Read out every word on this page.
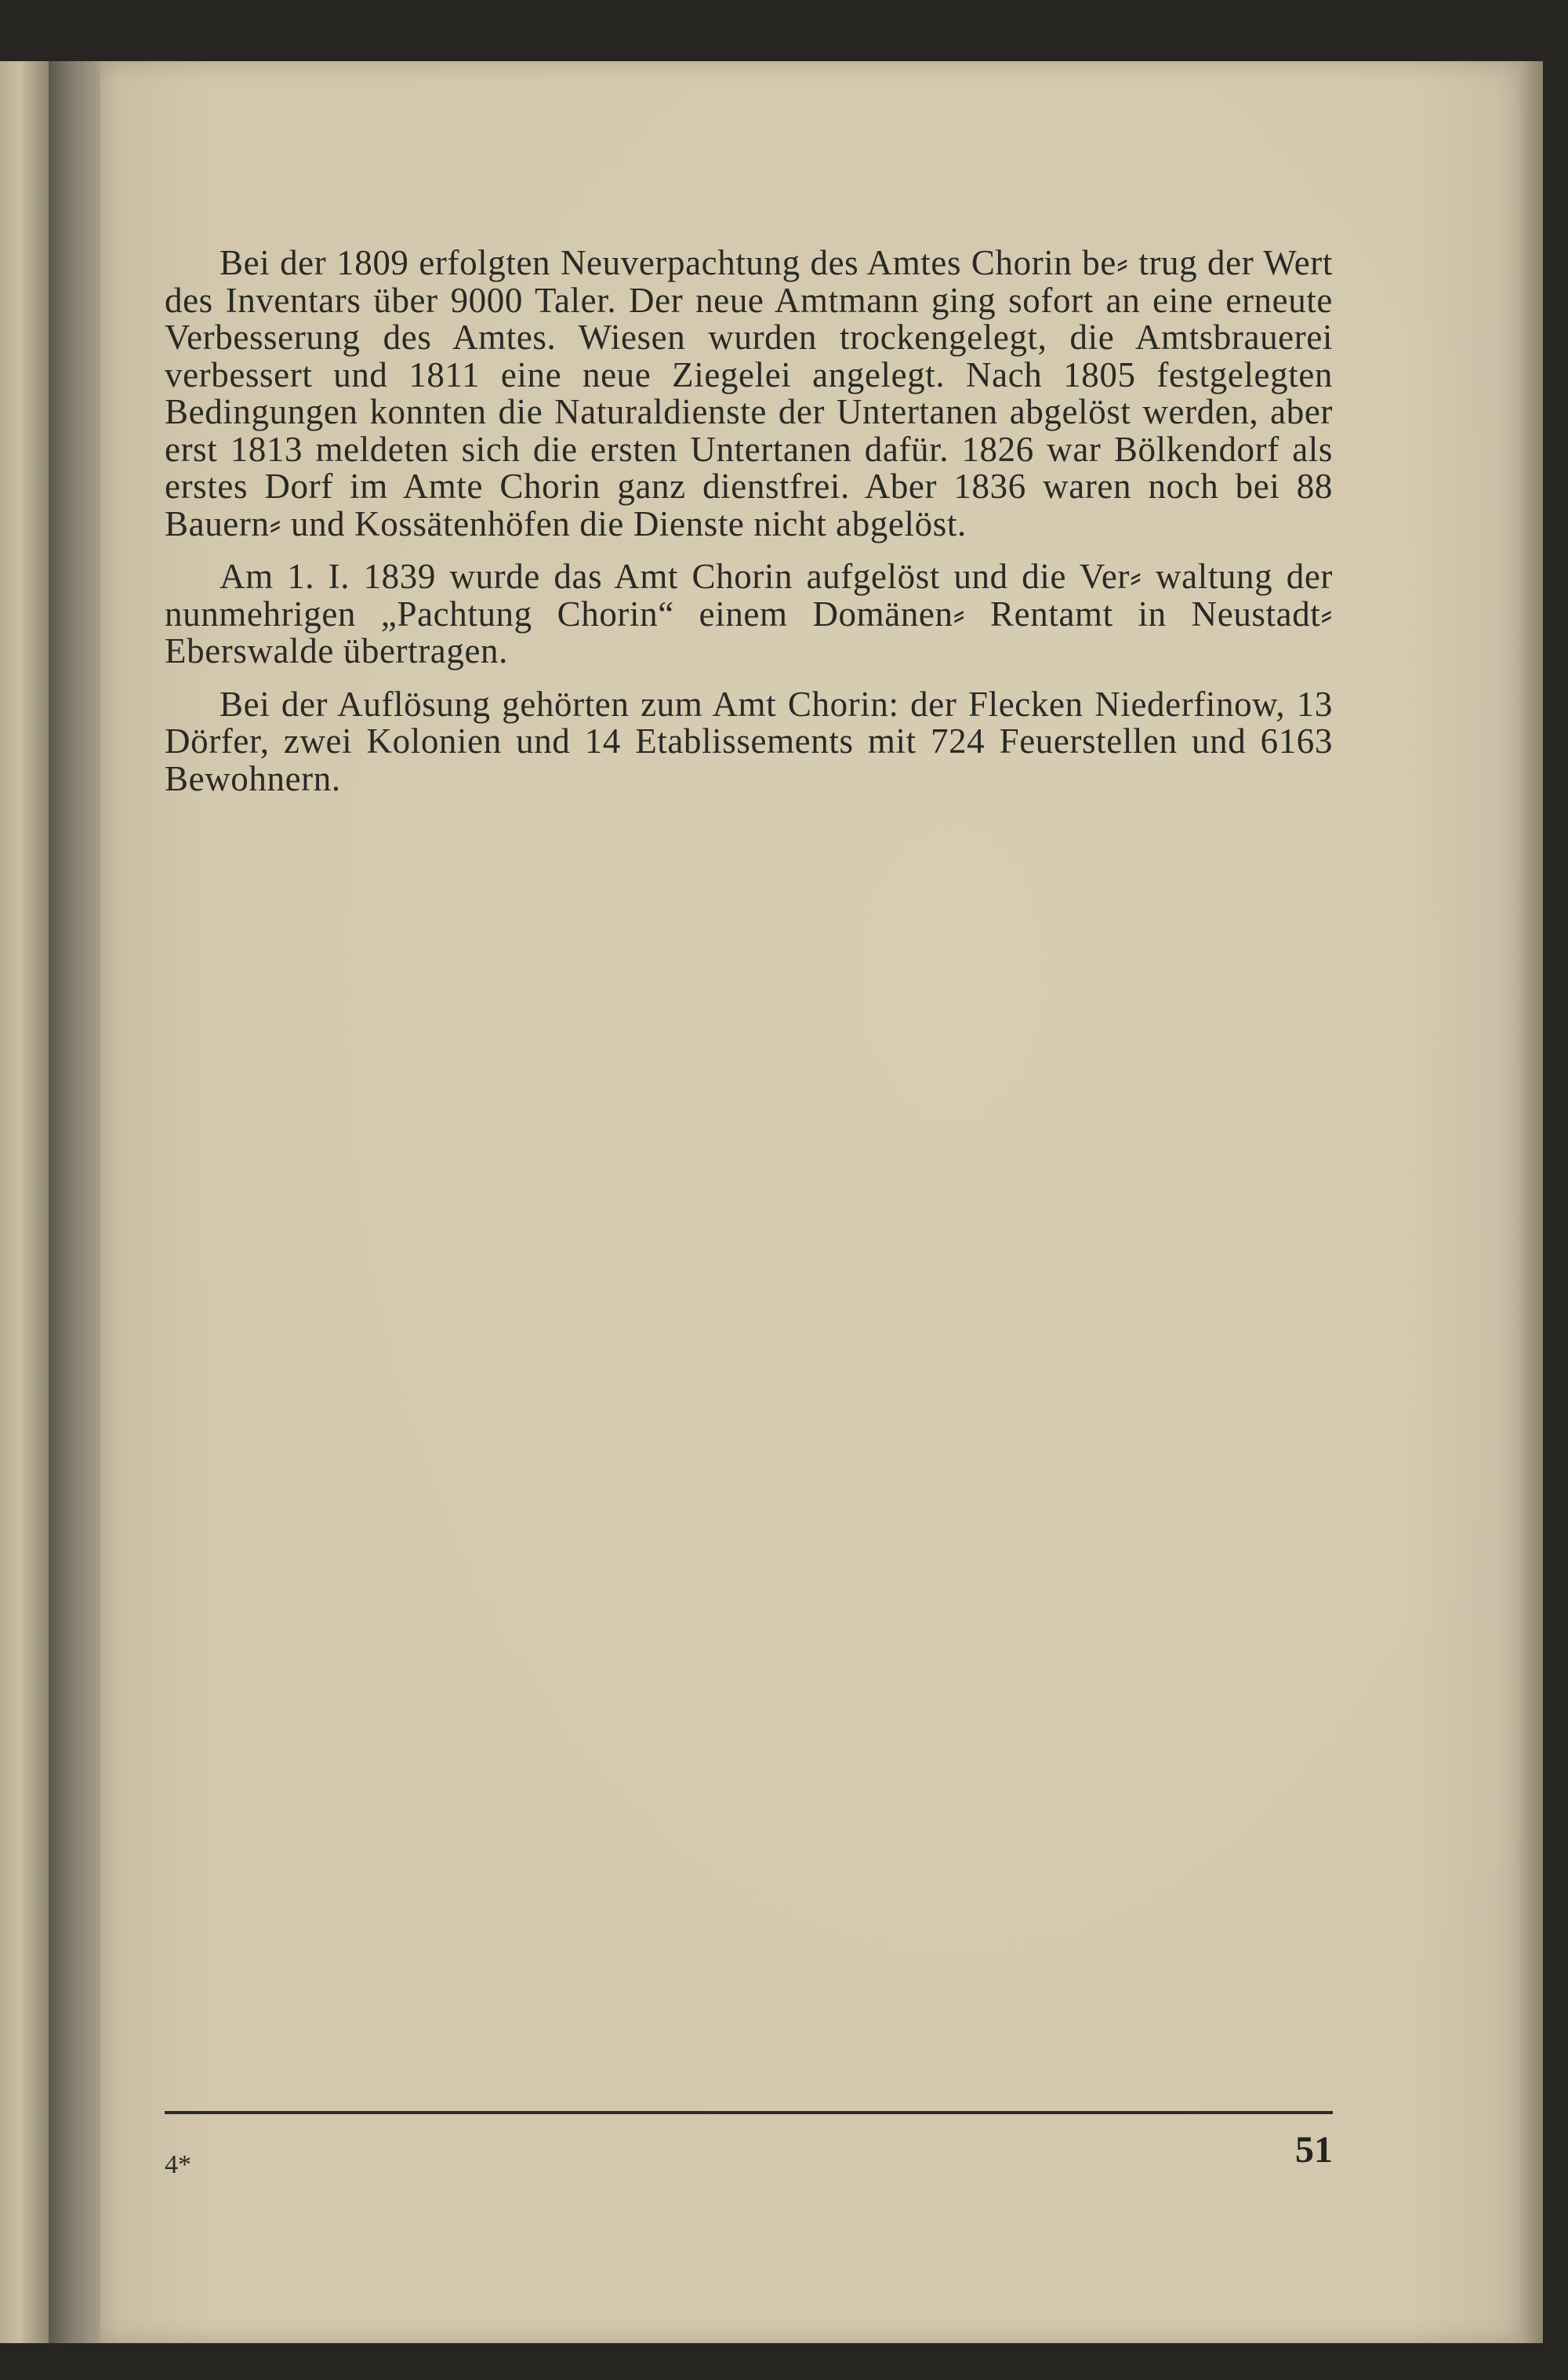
Bei der 1809 erfolgten Neuverpachtung des Amtes Chorin be⸗ trug der Wert des Inventars über 9000 Taler. Der neue Amtmann ging sofort an eine erneute Verbesserung des Amtes. Wiesen wurden trockengelegt, die Amtsbrauerei verbessert und 1811 eine neue Ziegelei angelegt. Nach 1805 festgelegten Bedingungen konnten die Naturaldienste der Untertanen abgelöst werden, aber erst 1813 meldeten sich die ersten Untertanen dafür. 1826 war Bölkendorf als erstes Dorf im Amte Chorin ganz dienstfrei. Aber 1836 waren noch bei 88 Bauern⸗ und Kossätenhöfen die Dienste nicht abgelöst.

Am 1. I. 1839 wurde das Amt Chorin aufgelöst und die Ver⸗ waltung der nunmehrigen „Pachtung Chorin“ einem Domänen⸗ Rentamt in Neustadt⸗Eberswalde übertragen.

Bei der Auflösung gehörten zum Amt Chorin: der Flecken Niederfinow, 13 Dörfer, zwei Kolonien und 14 Etablissements mit 724 Feuerstellen und 6163 Bewohnern.

4*	51
